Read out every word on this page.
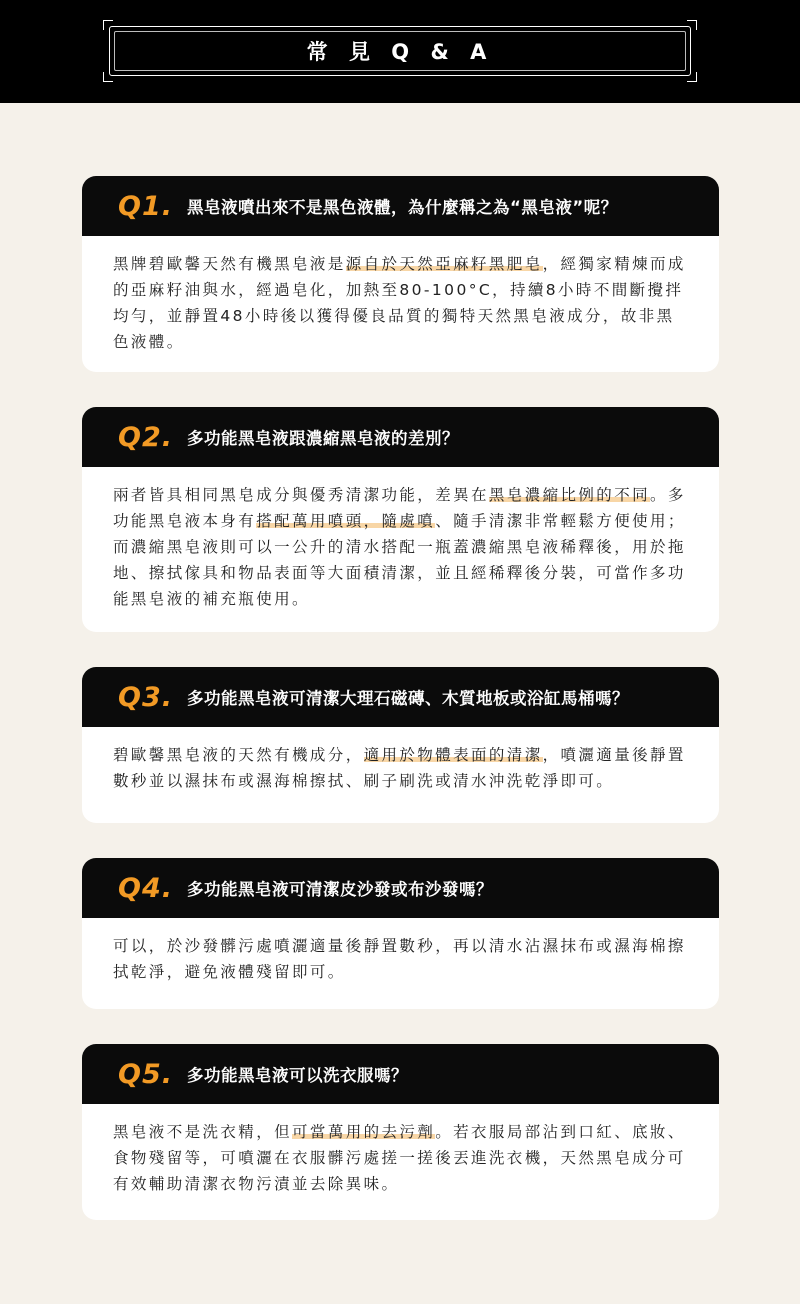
常 見 Q & A
Q1. 黑皂液噴出來不是黑色液體，為什麼稱之為“黑皂液”呢？
黑牌碧歐馨天然有機黑皂液是源自於天然亞麻籽黑肥皂，經獨家精煉而成的亞麻籽油與水，經過皂化，加熱至80-100°C，持續8小時不間斷攪拌均勻，並靜置48小時後以獲得優良品質的獨特天然黑皂液成分，故非黑色液體。
Q2. 多功能黑皂液跟濃縮黑皂液的差別？
兩者皆具相同黑皂成分與優秀清潔功能，差異在黑皂濃縮比例的不同。多功能黑皂液本身有搭配萬用噴頭，隨處噴、隨手清潔非常輕鬆方便使用；而濃縮黑皂液則可以一公升的清水搭配一瓶蓋濃縮黑皂液稀釋後，用於拖地、擦拭傢具和物品表面等大面積清潔，並且經稀釋後分裝，可當作多功能黑皂液的補充瓶使用。
Q3. 多功能黑皂液可清潔大理石磁磚、木質地板或浴缸馬桶嗎？
碧歐馨黑皂液的天然有機成分，適用於物體表面的清潔，噴灑適量後靜置數秒並以濕抹布或濕海棉擦拭、刷子刷洗或清水沖洗乾淨即可。
Q4. 多功能黑皂液可清潔皮沙發或布沙發嗎？
可以，於沙發髒污處噴灑適量後靜置數秒，再以清水沾濕抹布或濕海棉擦拭乾淨，避免液體殘留即可。
Q5. 多功能黑皂液可以洗衣服嗎？
黑皂液不是洗衣精，但可當萬用的去污劑。若衣服局部沾到口紅、底妝、食物殘留等，可噴灑在衣服髒污處搓一搓後丟進洗衣機，天然黑皂成分可有效輔助清潔衣物污漬並去除異味。
